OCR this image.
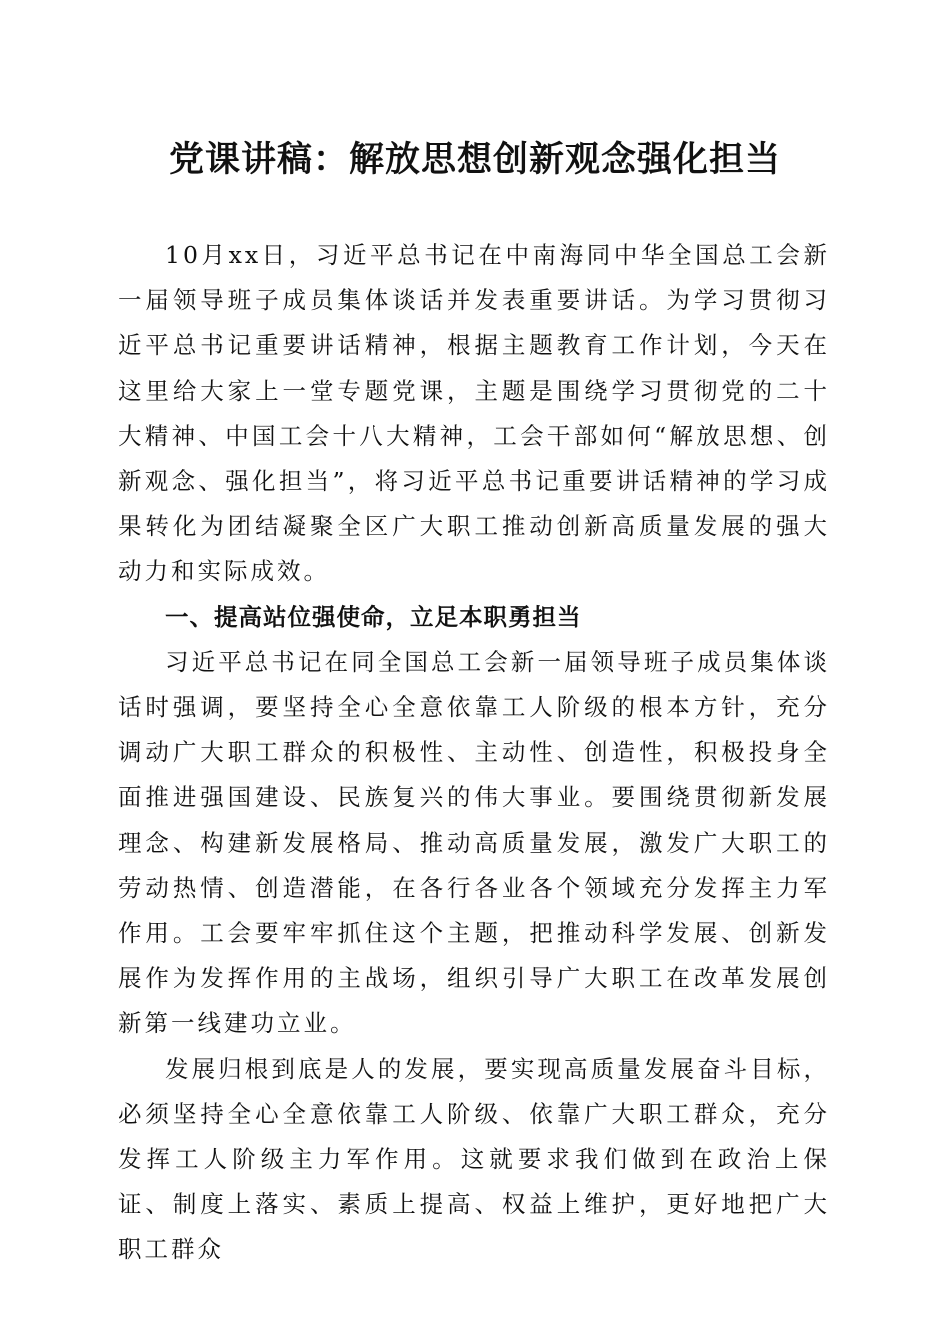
党课讲稿：解放思想创新观念强化担当

10月xx日，习近平总书记在中南海同中华全国总工会新一届领导班子成员集体谈话并发表重要讲话。为学习贯彻习近平总书记重要讲话精神，根据主题教育工作计划，今天在这里给大家上一堂专题党课，主题是围绕学习贯彻党的二十大精神、中国工会十八大精神，工会干部如何“解放思想、创新观念、强化担当”，将习近平总书记重要讲话精神的学习成果转化为团结凝聚全区广大职工推动创新高质量发展的强大动力和实际成效。

一、提高站位强使命，立足本职勇担当

习近平总书记在同全国总工会新一届领导班子成员集体谈话时强调，要坚持全心全意依靠工人阶级的根本方针，充分调动广大职工群众的积极性、主动性、创造性，积极投身全面推进强国建设、民族复兴的伟大事业。要围绕贯彻新发展理念、构建新发展格局、推动高质量发展，激发广大职工的劳动热情、创造潜能，在各行各业各个领域充分发挥主力军作用。工会要牢牢抓住这个主题，把推动科学发展、创新发展作为发挥作用的主战场，组织引导广大职工在改革发展创新第一线建功立业。

发展归根到底是人的发展，要实现高质量发展奋斗目标，必须坚持全心全意依靠工人阶级、依靠广大职工群众，充分发挥工人阶级主力军作用。这就要求我们做到在政治上保证、制度上落实、素质上提高、权益上维护，更好地把广大职工群众
